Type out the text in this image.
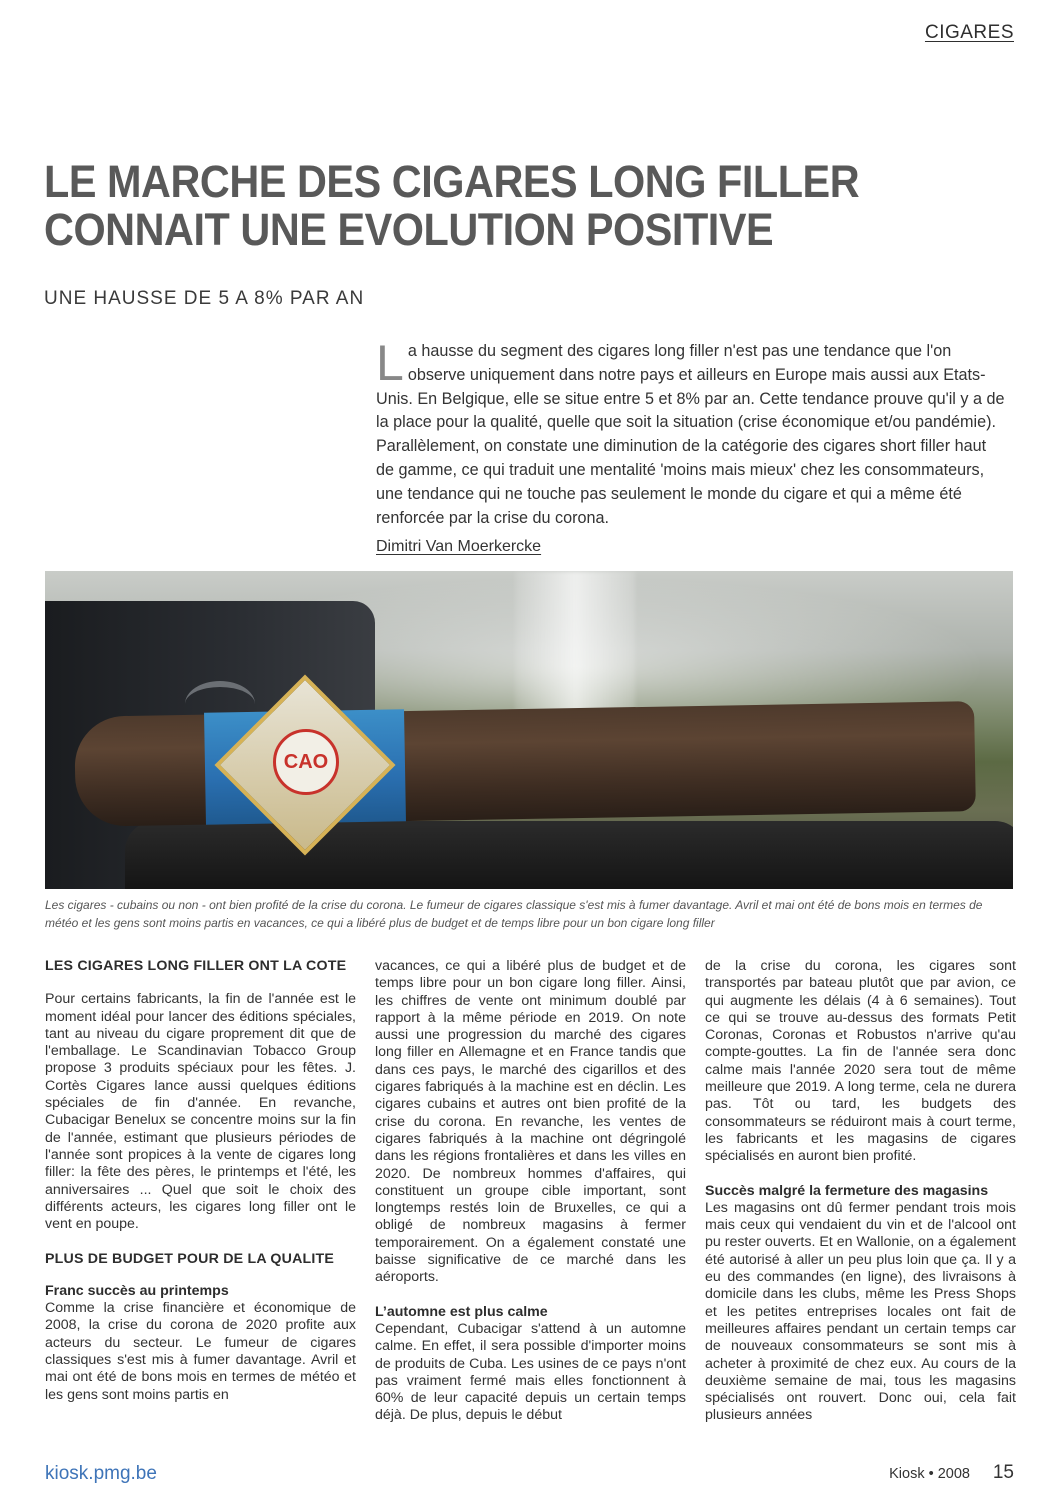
CIGARES
LE MARCHE DES CIGARES LONG FILLER
CONNAIT UNE EVOLUTION POSITIVE
UNE HAUSSE DE 5 A 8% PAR AN

La hausse du segment des cigares long filler n'est pas une tendance que l'on observe uniquement dans notre pays et ailleurs en Europe mais aussi aux Etats-Unis. En Belgique, elle se situe entre 5 et 8% par an. Cette tendance prouve qu'il y a de la place pour la qualité, quelle que soit la situation (crise économique et/ou pandémie). Parallèlement, on constate une diminution de la catégorie des cigares short filler haut de gamme, ce qui traduit une mentalité 'moins mais mieux' chez les consommateurs, une tendance qui ne touche pas seulement le monde du cigare et qui a même été renforcée par la crise du corona.

Dimitri Van Moerkercke

CAO

Les cigares - cubains ou non - ont bien profité de la crise du corona. Le fumeur de cigares classique s'est mis à fumer davantage. Avril et mai ont été de bons mois en termes de météo et les gens sont moins partis en vacances, ce qui a libéré plus de budget et de temps libre pour un bon cigare long filler

LES CIGARES LONG FILLER ONT LA COTE

Pour certains fabricants, la fin de l'année est le moment idéal pour lancer des éditions spéciales, tant au niveau du cigare proprement dit que de l'emballage. Le Scandinavian Tobacco Group propose 3 produits spéciaux pour les fêtes. J. Cortès Cigares lance aussi quelques éditions spéciales de fin d'année. En revanche, Cubacigar Benelux se concentre moins sur la fin de l'année, estimant que plusieurs périodes de l'année sont propices à la vente de cigares long filler: la fête des pères, le printemps et l'été, les anniversaires ... Quel que soit le choix des différents acteurs, les cigares long filler ont le vent en poupe.

PLUS DE BUDGET POUR DE LA QUALITE

Franc succès au printemps

Comme la crise financière et économique de 2008, la crise du corona de 2020 profite aux acteurs du secteur. Le fumeur de cigares classiques s'est mis à fumer davantage. Avril et mai ont été de bons mois en termes de météo et les gens sont moins partis en

vacances, ce qui a libéré plus de budget et de temps libre pour un bon cigare long filler. Ainsi, les chiffres de vente ont minimum doublé par rapport à la même période en 2019. On note aussi une progression du marché des cigares long filler en Allemagne et en France tandis que dans ces pays, le marché des cigarillos et des cigares fabriqués à la machine est en déclin. Les cigares cubains et autres ont bien profité de la crise du corona. En revanche, les ventes de cigares fabriqués à la machine ont dégringolé dans les régions frontalières et dans les villes en 2020. De nombreux hommes d'affaires, qui constituent un groupe cible important, sont longtemps restés loin de Bruxelles, ce qui a obligé de nombreux magasins à fermer temporairement. On a également constaté une baisse significative de ce marché dans les aéroports.

L’automne est plus calme

Cependant, Cubacigar s'attend à un automne calme. En effet, il sera possible d'importer moins de produits de Cuba. Les usines de ce pays n'ont pas vraiment fermé mais elles fonctionnent à 60% de leur capacité depuis un certain temps déjà. De plus, depuis le début

de la crise du corona, les cigares sont transportés par bateau plutôt que par avion, ce qui augmente les délais (4 à 6 semaines). Tout ce qui se trouve au-dessus des formats Petit Coronas, Coronas et Robustos n'arrive qu'au compte-gouttes. La fin de l'année sera donc calme mais l'année 2020 sera tout de même meilleure que 2019. A long terme, cela ne durera pas. Tôt ou tard, les budgets des consommateurs se réduiront mais à court terme, les fabricants et les magasins de cigares spécialisés en auront bien profité.

Succès malgré la fermeture des magasins

Les magasins ont dû fermer pendant trois mois mais ceux qui vendaient du vin et de l'alcool ont pu rester ouverts. Et en Wallonie, on a également été autorisé à aller un peu plus loin que ça. Il y a eu des commandes (en ligne), des livraisons à domicile dans les clubs, même les Press Shops et les petites entreprises locales ont fait de meilleures affaires pendant un certain temps car de nouveaux consommateurs se sont mis à acheter à proximité de chez eux. Au cours de la deuxième semaine de mai, tous les magasins spécialisés ont rouvert. Donc oui, cela fait plusieurs années

kiosk.pmg.be	Kiosk • 2008 15
